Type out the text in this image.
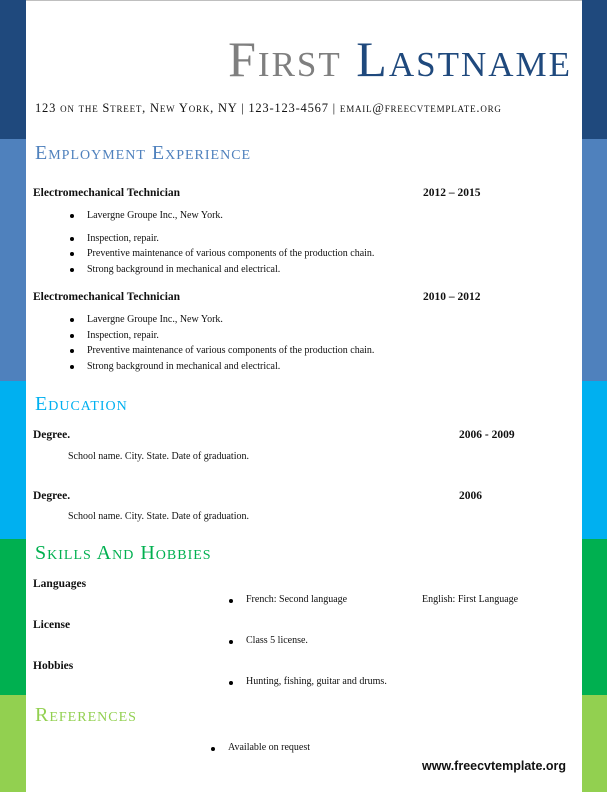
First Lastname
123 on the Street, New York, NY | 123-123-4567 | email@freecvtemplate.org
Employment Experience
Electromechanical Technician	2012 – 2015
Lavergne Groupe Inc., New York.
Inspection, repair.
Preventive maintenance of various components of the production chain.
Strong background in mechanical and electrical.
Electromechanical Technician	2010 – 2012
Lavergne Groupe Inc., New York.
Inspection, repair.
Preventive maintenance of various components of the production chain.
Strong background in mechanical and electrical.
Education
Degree.	2006 - 2009
School name. City. State. Date of graduation.
Degree.	2006
School name. City. State. Date of graduation.
Skills And Hobbies
Languages
French: Second language	English: First Language
License
Class 5 license.
Hobbies
Hunting, fishing, guitar and drums.
References
Available on request
www.freecvtemplate.org
